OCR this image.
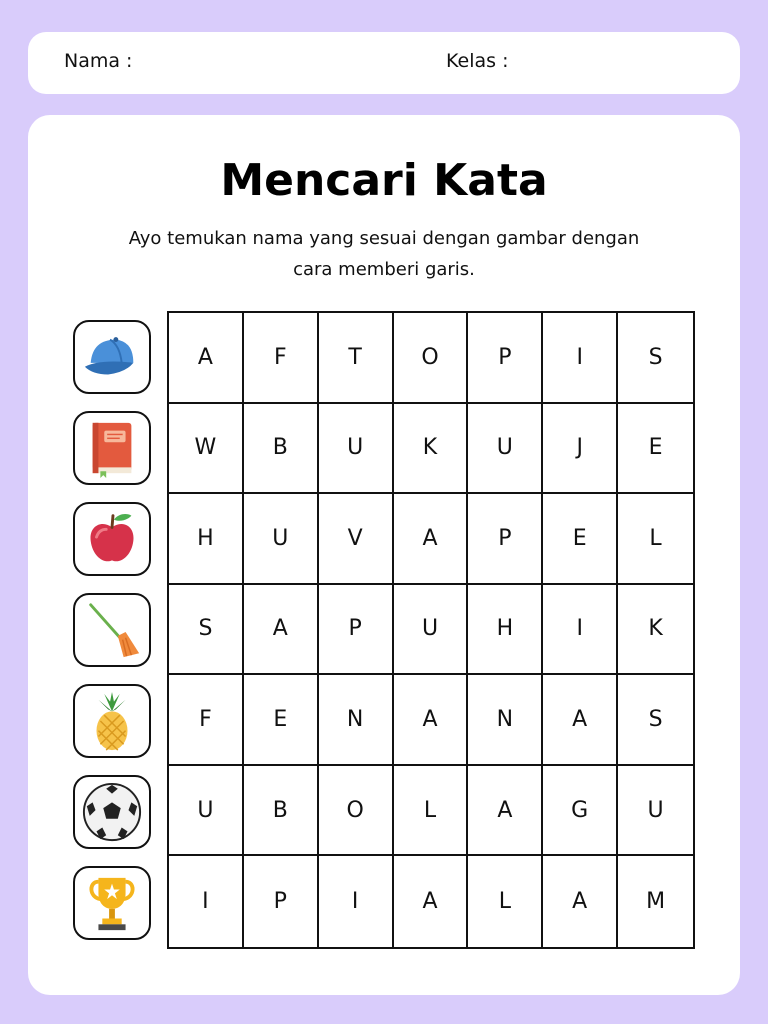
Nama :	Kelas :
Mencari Kata
Ayo temukan nama yang sesuai dengan gambar dengan
cara memberi garis.
A	F	T	O	P	I	S
W	B	U	K	U	J	E
H	U	V	A	P	E	L
S	A	P	U	H	I	K
F	E	N	A	N	A	S
U	B	O	L	A	G	U
I	P	I	A	L	A	M
